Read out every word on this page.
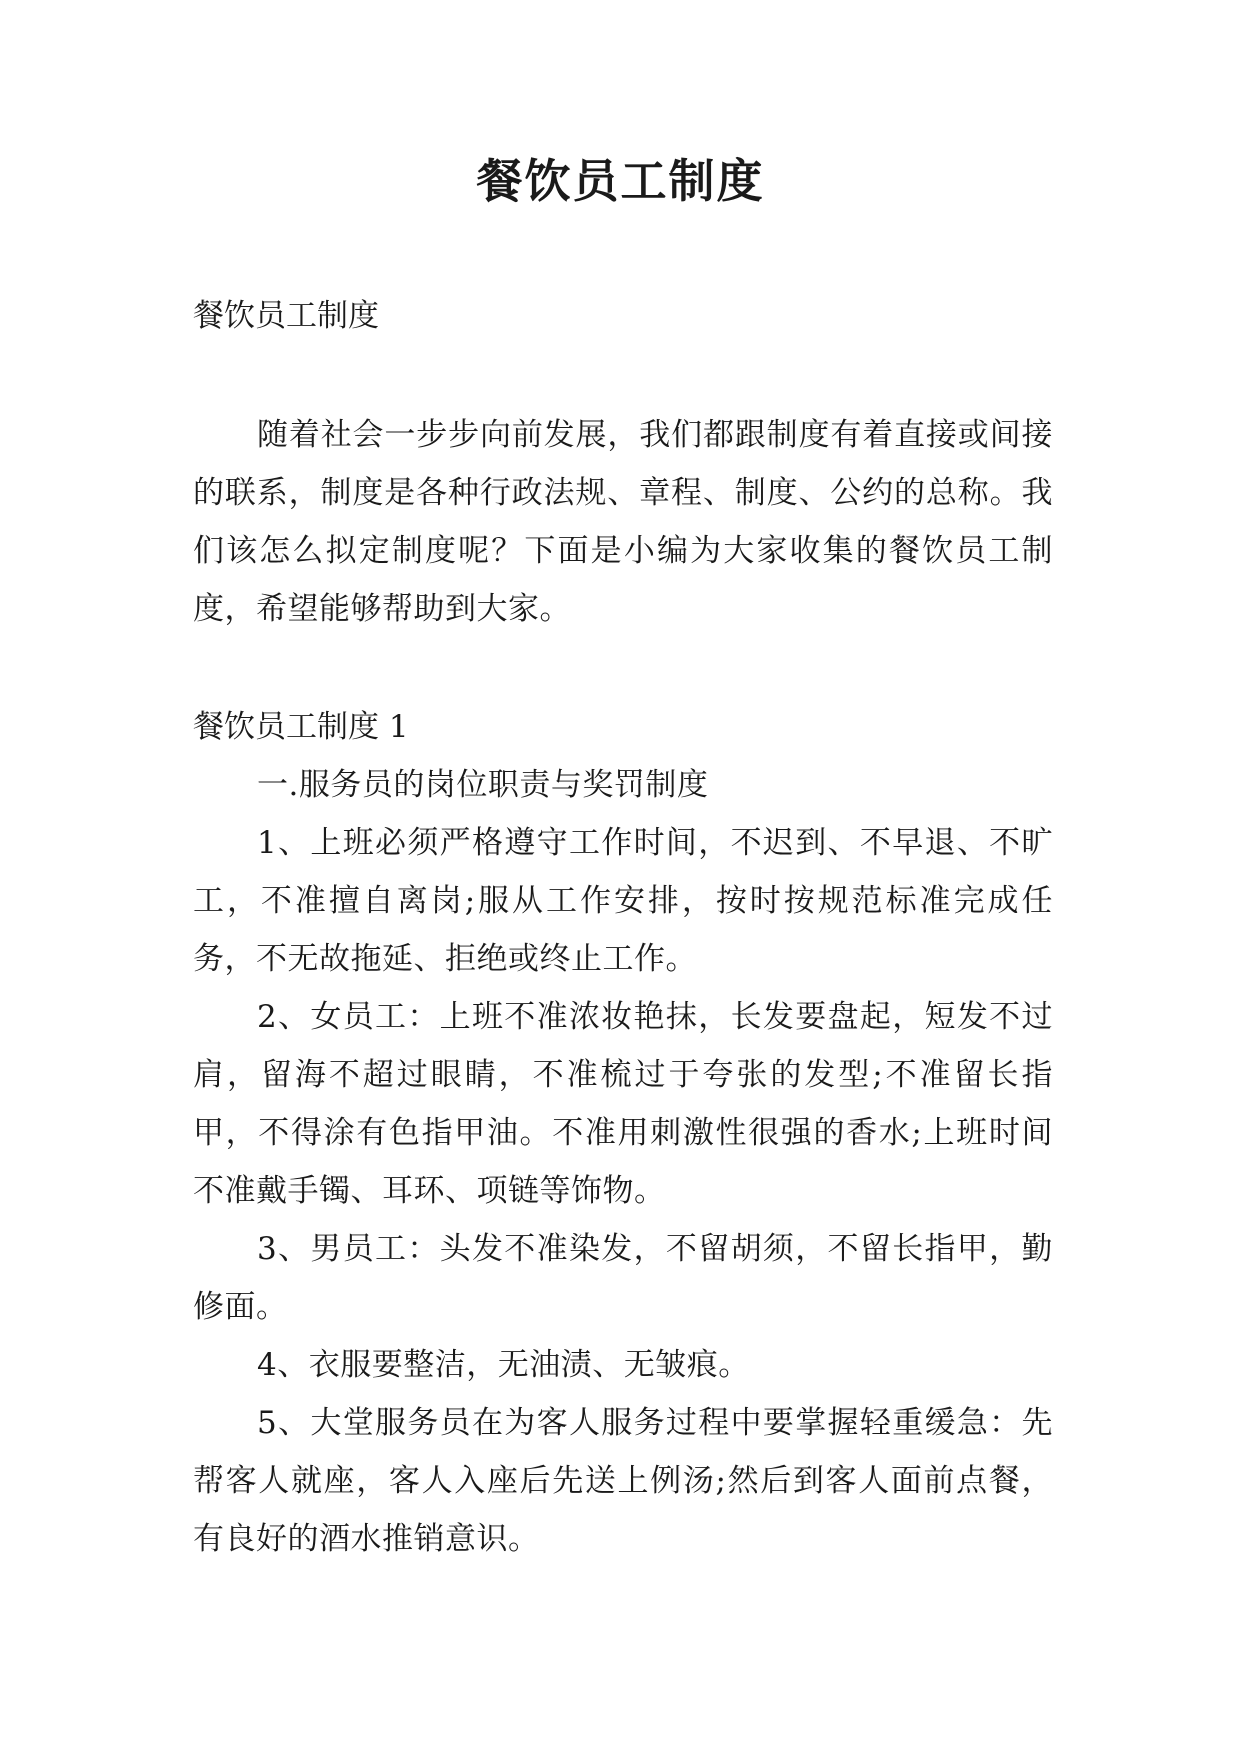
餐饮员工制度

餐饮员工制度

随着社会一步步向前发展，我们都跟制度有着直接或间接的联系，制度是各种行政法规、章程、制度、公约的总称。我们该怎么拟定制度呢？下面是小编为大家收集的餐饮员工制度，希望能够帮助到大家。

餐饮员工制度 1

一.服务员的岗位职责与奖罚制度

1、上班必须严格遵守工作时间，不迟到、不早退、不旷工，不准擅自离岗;服从工作安排，按时按规范标准完成任务，不无故拖延、拒绝或终止工作。

2、女员工：上班不准浓妆艳抹，长发要盘起，短发不过肩，留海不超过眼睛，不准梳过于夸张的发型;不准留长指甲，不得涂有色指甲油。不准用刺激性很强的香水;上班时间不准戴手镯、耳环、项链等饰物。

3、男员工：头发不准染发，不留胡须，不留长指甲，勤修面。

4、衣服要整洁，无油渍、无皱痕。

5、大堂服务员在为客人服务过程中要掌握轻重缓急：先帮客人就座，客人入座后先送上例汤;然后到客人面前点餐，有良好的酒水推销意识。
